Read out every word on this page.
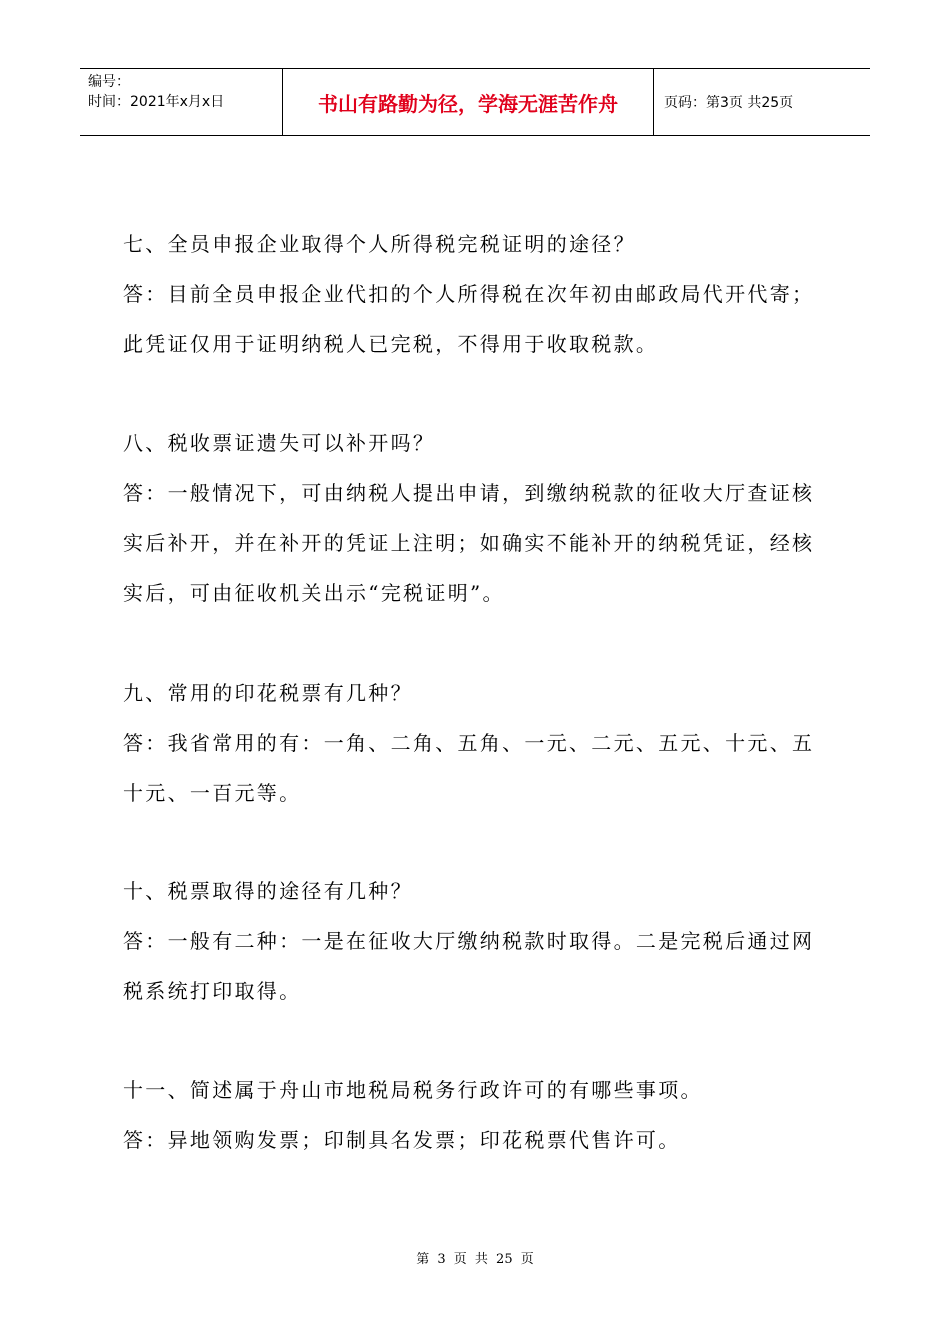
编号：
时间：2021年x月x日	书山有路勤为径，学海无涯苦作舟	页码：第3页 共25页
七、全员申报企业取得个人所得税完税证明的途径？
答：目前全员申报企业代扣的个人所得税在次年初由邮政局代开代寄；
此凭证仅用于证明纳税人已完税，不得用于收取税款。
八、税收票证遗失可以补开吗？
答：一般情况下，可由纳税人提出申请，到缴纳税款的征收大厅查证核
实后补开，并在补开的凭证上注明；如确实不能补开的纳税凭证，经核
实后，可由征收机关出示“完税证明”。
九、常用的印花税票有几种？
答：我省常用的有：一角、二角、五角、一元、二元、五元、十元、五
十元、一百元等。
十、税票取得的途径有几种？
答：一般有二种：一是在征收大厅缴纳税款时取得。二是完税后通过网
税系统打印取得。
十一、简述属于舟山市地税局税务行政许可的有哪些事项。
答：异地领购发票；印制具名发票；印花税票代售许可。
第 3 页 共 25 页
